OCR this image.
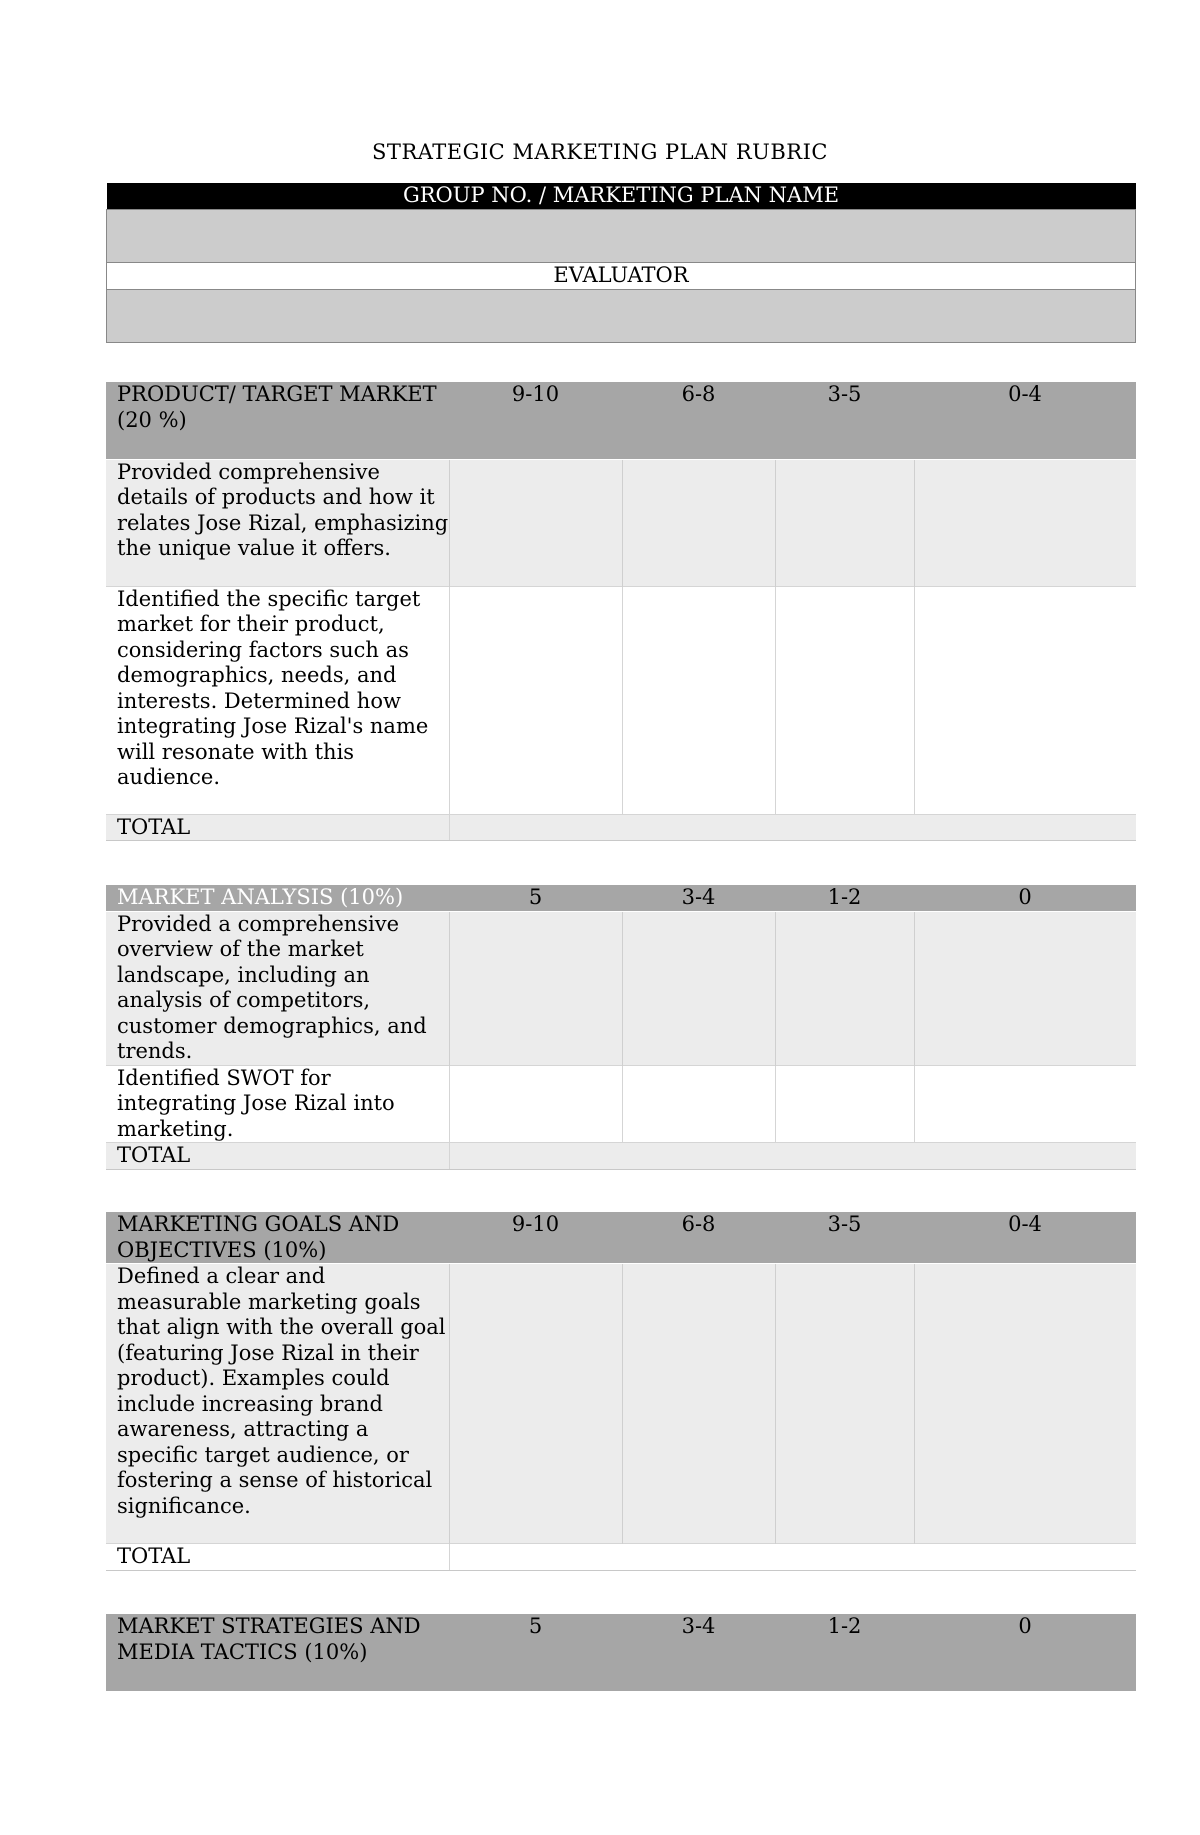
STRATEGIC MARKETING PLAN RUBRIC
GROUP NO. / MARKETING PLAN NAME

EVALUATOR

PRODUCT/ TARGET MARKET (20 %)	9-10	6-8	3-5	0-4
Provided comprehensive details of products and how it relates Jose Rizal, emphasizing the unique value it offers.				
Identified the specific target market for their product, considering factors such as demographics, needs, and interests. Determined how integrating Jose Rizal's name will resonate with this audience.				
TOTAL				
MARKET ANALYSIS (10%)	5	3-4	1-2	0
Provided a comprehensive overview of the market landscape, including an analysis of competitors, customer demographics, and trends.				
Identified SWOT for integrating Jose Rizal into marketing.				
TOTAL				
MARKETING GOALS AND OBJECTIVES (10%)	9-10	6-8	3-5	0-4
Defined a clear and measurable marketing goals that align with the overall goal (featuring Jose Rizal in their product). Examples could include increasing brand awareness, attracting a specific target audience, or fostering a sense of historical significance.				
TOTAL				
MARKET STRATEGIES AND MEDIA TACTICS (10%)	5	3-4	1-2	0
